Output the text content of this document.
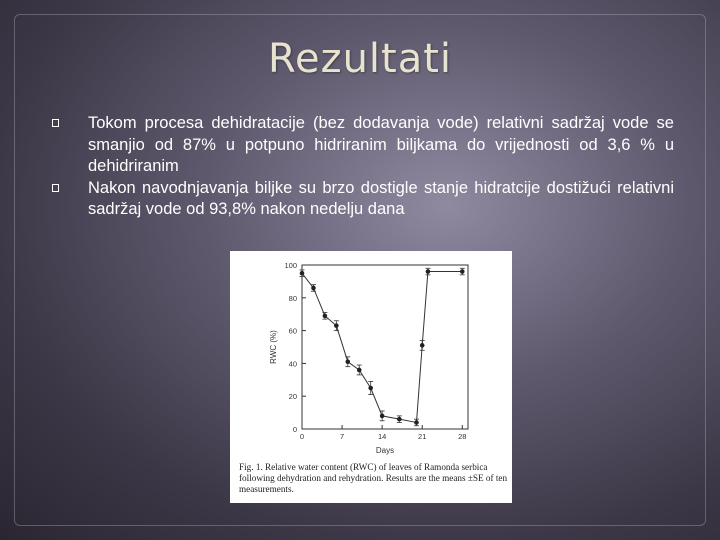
Rezultati
Tokom procesa dehidratacije (bez dodavanja vode) relativni sadržaj vode se smanjio od 87% u potpuno hidriranim biljkama do vrijednosti od 3,6 % u dehidriranim
Nakon navodnjavanja biljke su brzo dostigle stanje hidratcije dostižući relativni sadržaj vode od 93,8% nakon nedelju dana
0
20
40
60
80
100
0	7	14	21	28
Days
RWC (%)
Fig. 1. Relative water content (RWC) of leaves of Ramonda serbica following dehydration and rehydration. Results are the means ±SE of ten measurements.
